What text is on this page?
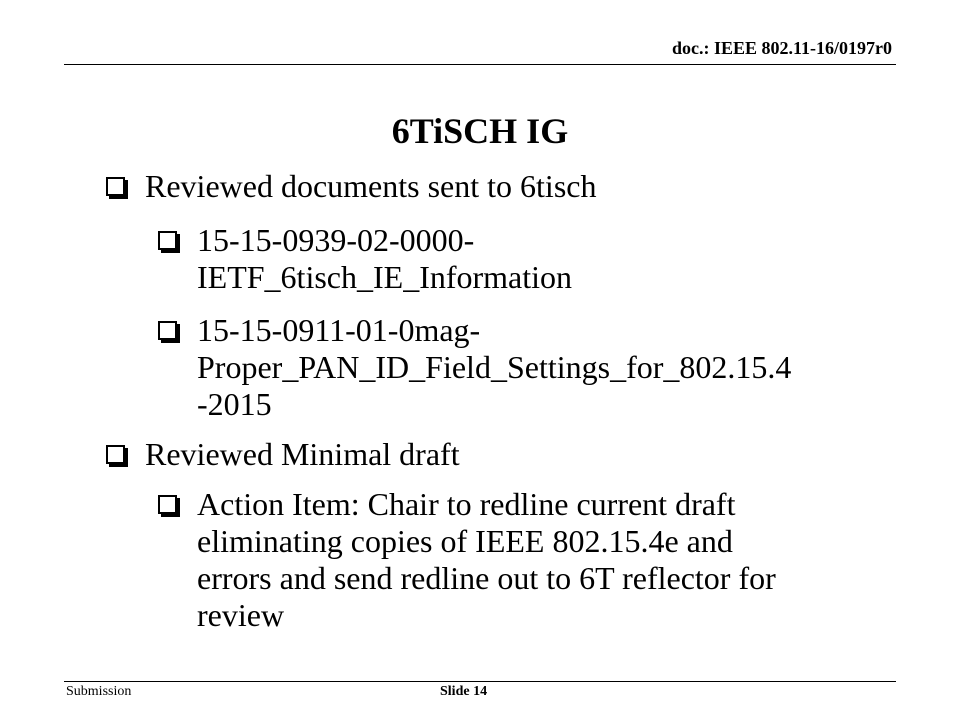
doc.: IEEE 802.11-16/0197r0
6TiSCH IG
Reviewed documents sent to 6tisch
15-15-0939-02-0000-
IETF_6tisch_IE_Information
15-15-0911-01-0mag-
Proper_PAN_ID_Field_Settings_for_802.15.4
-2015
Reviewed Minimal draft
Action Item: Chair to redline current draft
eliminating copies of IEEE 802.15.4e and
errors and send redline out to 6T reflector for
review
Submission	Slide 14
